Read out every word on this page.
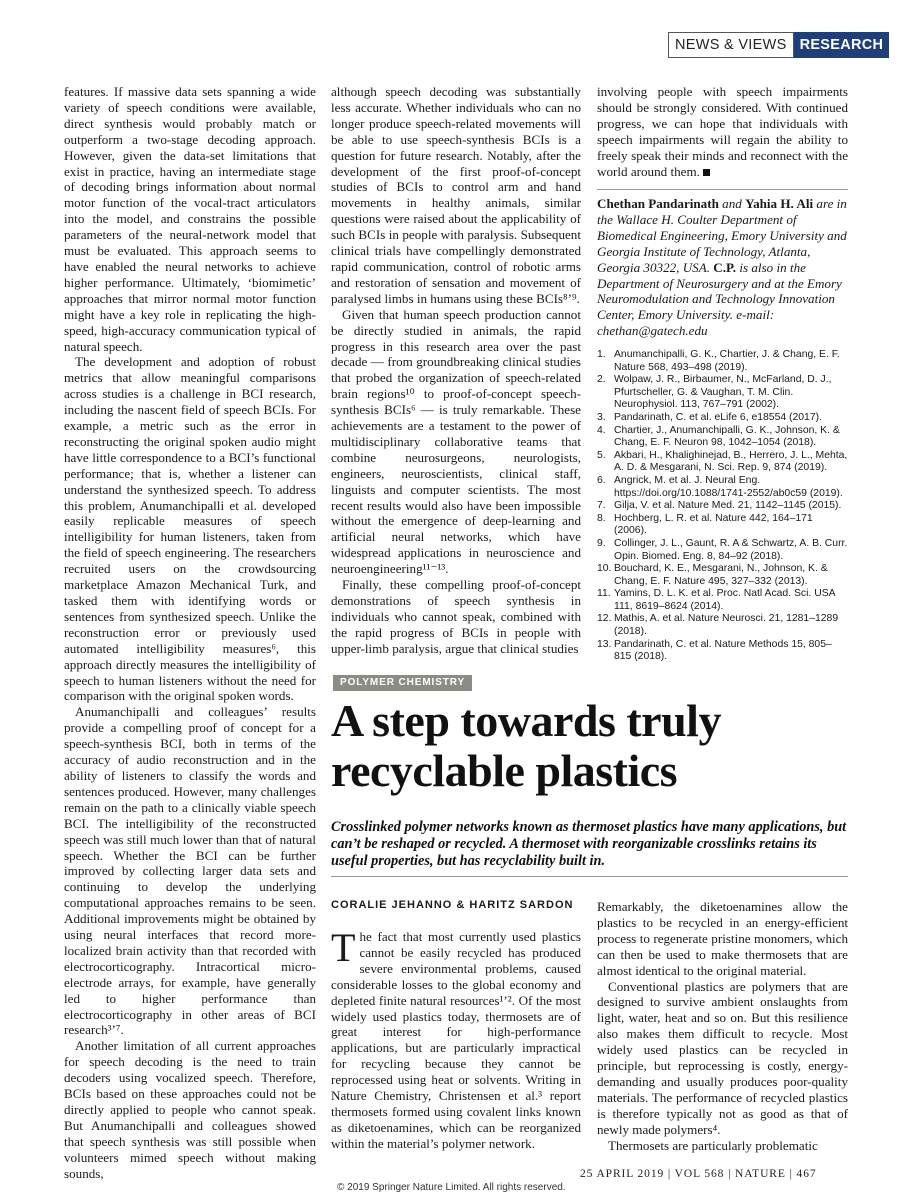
NEWS & VIEWS RESEARCH

features. If massive data sets spanning a wide variety of speech conditions were available, direct synthesis would probably match or outperform a two-stage decoding approach. However, given the data-set limitations that exist in practice, having an intermediate stage of decoding brings information about normal motor function of the vocal-tract articulators into the model, and constrains the possible parameters of the neural-network model that must be evaluated. This approach seems to have enabled the neural networks to achieve higher performance. Ultimately, ‘biomimetic’ approaches that mirror normal motor function might have a key role in replicating the high-speed, high-accuracy communication typical of natural speech.

The development and adoption of robust metrics that allow meaningful comparisons across studies is a challenge in BCI research, including the nascent field of speech BCIs. For example, a metric such as the error in reconstructing the original spoken audio might have little correspondence to a BCI’s functional performance; that is, whether a listener can understand the synthesized speech. To address this problem, Anumanchipalli et al. developed easily replicable measures of speech intelligibility for human listeners, taken from the field of speech engineering. The researchers recruited users on the crowdsourcing marketplace Amazon Mechanical Turk, and tasked them with identifying words or sentences from synthesized speech. Unlike the reconstruction error or previously used automated intelligibility measures⁶, this approach directly measures the intelligibility of speech to human listeners without the need for comparison with the original spoken words.

Anumanchipalli and colleagues’ results provide a compelling proof of concept for a speech-synthesis BCI, both in terms of the accuracy of audio reconstruction and in the ability of listeners to classify the words and sentences produced. However, many challenges remain on the path to a clinically viable speech BCI. The intelligibility of the reconstructed speech was still much lower than that of natural speech. Whether the BCI can be further improved by collecting larger data sets and continuing to develop the underlying computational approaches remains to be seen. Additional improvements might be obtained by using neural interfaces that record more-localized brain activity than that recorded with electrocorticography. Intracortical micro-electrode arrays, for example, have generally led to higher performance than electrocorticography in other areas of BCI research³’⁷.

Another limitation of all current approaches for speech decoding is the need to train decoders using vocalized speech. Therefore, BCIs based on these approaches could not be directly applied to people who cannot speak. But Anumanchipalli and colleagues showed that speech synthesis was still possible when volunteers mimed speech without making sounds,

although speech decoding was substantially less accurate. Whether individuals who can no longer produce speech-related movements will be able to use speech-synthesis BCIs is a question for future research. Notably, after the development of the first proof-of-concept studies of BCIs to control arm and hand movements in healthy animals, similar questions were raised about the applicability of such BCIs in people with paralysis. Subsequent clinical trials have compellingly demonstrated rapid communication, control of robotic arms and restoration of sensation and movement of paralysed limbs in humans using these BCIs⁸’⁹.

Given that human speech production cannot be directly studied in animals, the rapid progress in this research area over the past decade — from groundbreaking clinical studies that probed the organization of speech-related brain regions¹⁰ to proof-of-concept speech-synthesis BCIs⁶ — is truly remarkable. These achievements are a testament to the power of multidisciplinary collaborative teams that combine neurosurgeons, neurologists, engineers, neuroscientists, clinical staff, linguists and computer scientists. The most recent results would also have been impossible without the emergence of deep-learning and artificial neural networks, which have widespread applications in neuroscience and neuroengineering¹¹⁻¹³.

Finally, these compelling proof-of-concept demonstrations of speech synthesis in individuals who cannot speak, combined with the rapid progress of BCIs in people with upper-limb paralysis, argue that clinical studies

involving people with speech impairments should be strongly considered. With continued progress, we can hope that individuals with speech impairments will regain the ability to freely speak their minds and reconnect with the world around them.

Chethan Pandarinath and Yahia H. Ali are in the Wallace H. Coulter Department of Biomedical Engineering, Emory University and Georgia Institute of Technology, Atlanta, Georgia 30322, USA. C.P. is also in the Department of Neurosurgery and at the Emory Neuromodulation and Technology Innovation Center, Emory University. e-mail: chethan@gatech.edu
1. Anumanchipalli, G. K., Chartier, J. & Chang, E. F. Nature 568, 493–498 (2019).
2. Wolpaw, J. R., Birbaumer, N., McFarland, D. J., Pfurtscheller, G. & Vaughan, T. M. Clin. Neurophysiol. 113, 767–791 (2002).
3. Pandarinath, C. et al. eLife 6, e18554 (2017).
4. Chartier, J., Anumanchipalli, G. K., Johnson, K. & Chang, E. F. Neuron 98, 1042–1054 (2018).
5. Akbari, H., Khalighinejad, B., Herrero, J. L., Mehta, A. D. & Mesgarani, N. Sci. Rep. 9, 874 (2019).
6. Angrick, M. et al. J. Neural Eng. https://doi.org/10.1088/1741-2552/ab0c59 (2019).
7. Gilja, V. et al. Nature Med. 21, 1142–1145 (2015).
8. Hochberg, L. R. et al. Nature 442, 164–171 (2006).
9. Collinger, J. L., Gaunt, R. A & Schwartz, A. B. Curr. Opin. Biomed. Eng. 8, 84–92 (2018).
10. Bouchard, K. E., Mesgarani, N., Johnson, K. & Chang, E. F. Nature 495, 327–332 (2013).
11. Yamins, D. L. K. et al. Proc. Natl Acad. Sci. USA 111, 8619–8624 (2014).
12. Mathis, A. et al. Nature Neurosci. 21, 1281–1289 (2018).
13. Pandarinath, C. et al. Nature Methods 15, 805–815 (2018).
POLYMER CHEMISTRY
A step towards truly
recyclable plastics
Crosslinked polymer networks known as thermoset plastics have many applications, but can’t be reshaped or recycled. A thermoset with reorganizable crosslinks retains its useful properties, but has recyclability built in.
CORALIE JEHANNO & HARITZ SARDON

The fact that most currently used plastics cannot be easily recycled has produced severe environmental problems, caused considerable losses to the global economy and depleted finite natural resources¹’². Of the most widely used plastics today, thermosets are of great interest for high-performance applications, but are particularly impractical for recycling because they cannot be reprocessed using heat or solvents. Writing in Nature Chemistry, Christensen et al.³ report thermosets formed using covalent links known as diketoenamines, which can be reorganized within the material’s polymer network.

Remarkably, the diketoenamines allow the plastics to be recycled in an energy-efficient process to regenerate pristine monomers, which can then be used to make thermosets that are almost identical to the original material.

Conventional plastics are polymers that are designed to survive ambient onslaughts from light, water, heat and so on. But this resilience also makes them difficult to recycle. Most widely used plastics can be recycled in principle, but reprocessing is costly, energy-demanding and usually produces poor-quality materials. The performance of recycled plastics is therefore typically not as good as that of newly made polymers⁴.

Thermosets are particularly problematic

25 APRIL 2019 | VOL 568 | NATURE | 467
© 2019 Springer Nature Limited. All rights reserved.
